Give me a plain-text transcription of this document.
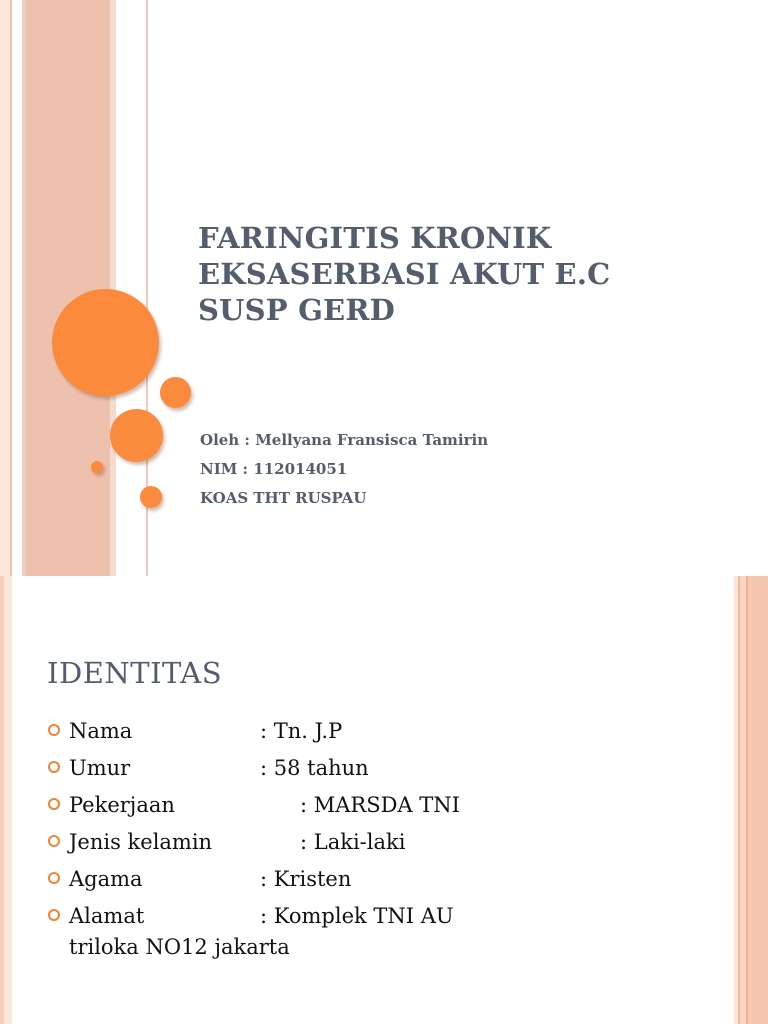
FARINGITIS KRONIK
EKSASERBASI AKUT E.C
SUSP GERD
Oleh : Mellyana Fransisca Tamirin
NIM : 112014051
KOAS THT RUSPAU
IDENTITAS
Nama	: Tn. J.P
Umur	: 58 tahun
Pekerjaan	: MARSDA TNI
Jenis kelamin	: Laki-laki
Agama	: Kristen
Alamat	: Komplek TNI AU
triloka NO12 jakarta
